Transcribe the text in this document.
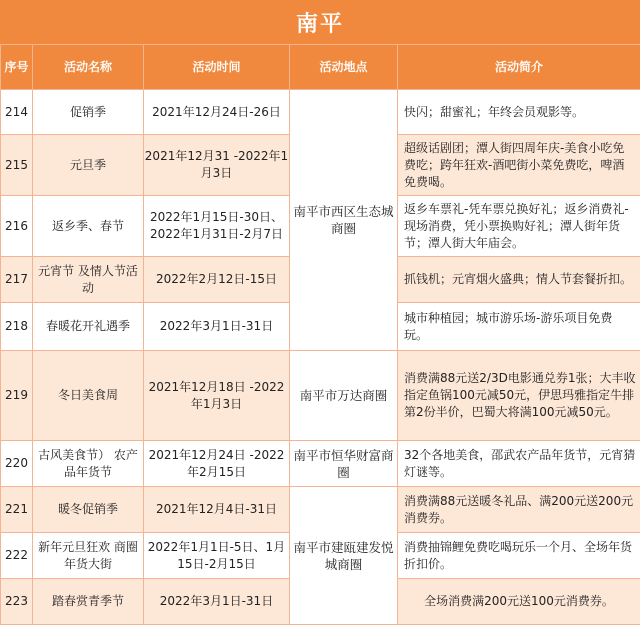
南平
序号	活动名称	活动时间	活动地点	活动简介
214	促销季	2021年12月24日-26日	南平市西区生态城商圈	快闪；甜蜜礼；年终会员观影等。
215	元旦季	2021年12月31 -2022年1月3日		超级话剧团；潭人街四周年庆-美食小吃免费吃；跨年狂欢-酒吧街小菜免费吃，啤酒免费喝。
216	返乡季、春节	2022年1月15日-30日、2022年1月31日-2月7日		返乡车票礼-凭车票兑换好礼；返乡消费礼-现场消费，凭小票换购好礼；潭人街年货节；潭人街大年庙会。
217	元宵节 及情人节活动	2022年2月12日-15日		抓钱机；元宵烟火盛典；情人节套餐折扣。
218	春暖花开礼遇季	2022年3月1日-31日		城市种植园；城市游乐场-游乐项目免费玩。
219	冬日美食周	2021年12月18日 -2022年1月3日	南平市万达商圈	消费满88元送2/3D电影通兑券1张；大丰收指定鱼锅100元减50元，伊思玛雅指定牛排第2份半价，巴蜀大将满100元减50元。
220	古风美食节） 农产品年货节	2021年12月24日 -2022年2月15日	南平市恒华财富商圈	32个各地美食，邵武农产品年货节，元宵猜灯谜等。
221	暖冬促销季	2021年12月4日-31日	南平市建瓯建发悦城商圈	消费满88元送暖冬礼品、满200元送200元消费券。
222	新年元旦狂欢 商圈年货大街	2022年1月1日-5日、1月15日-2月15日		消费抽锦鲤免费吃喝玩乐一个月、全场年货折扣价。
223	踏春赏青季节	2022年3月1日-31日		全场消费满200元送100元消费券。
